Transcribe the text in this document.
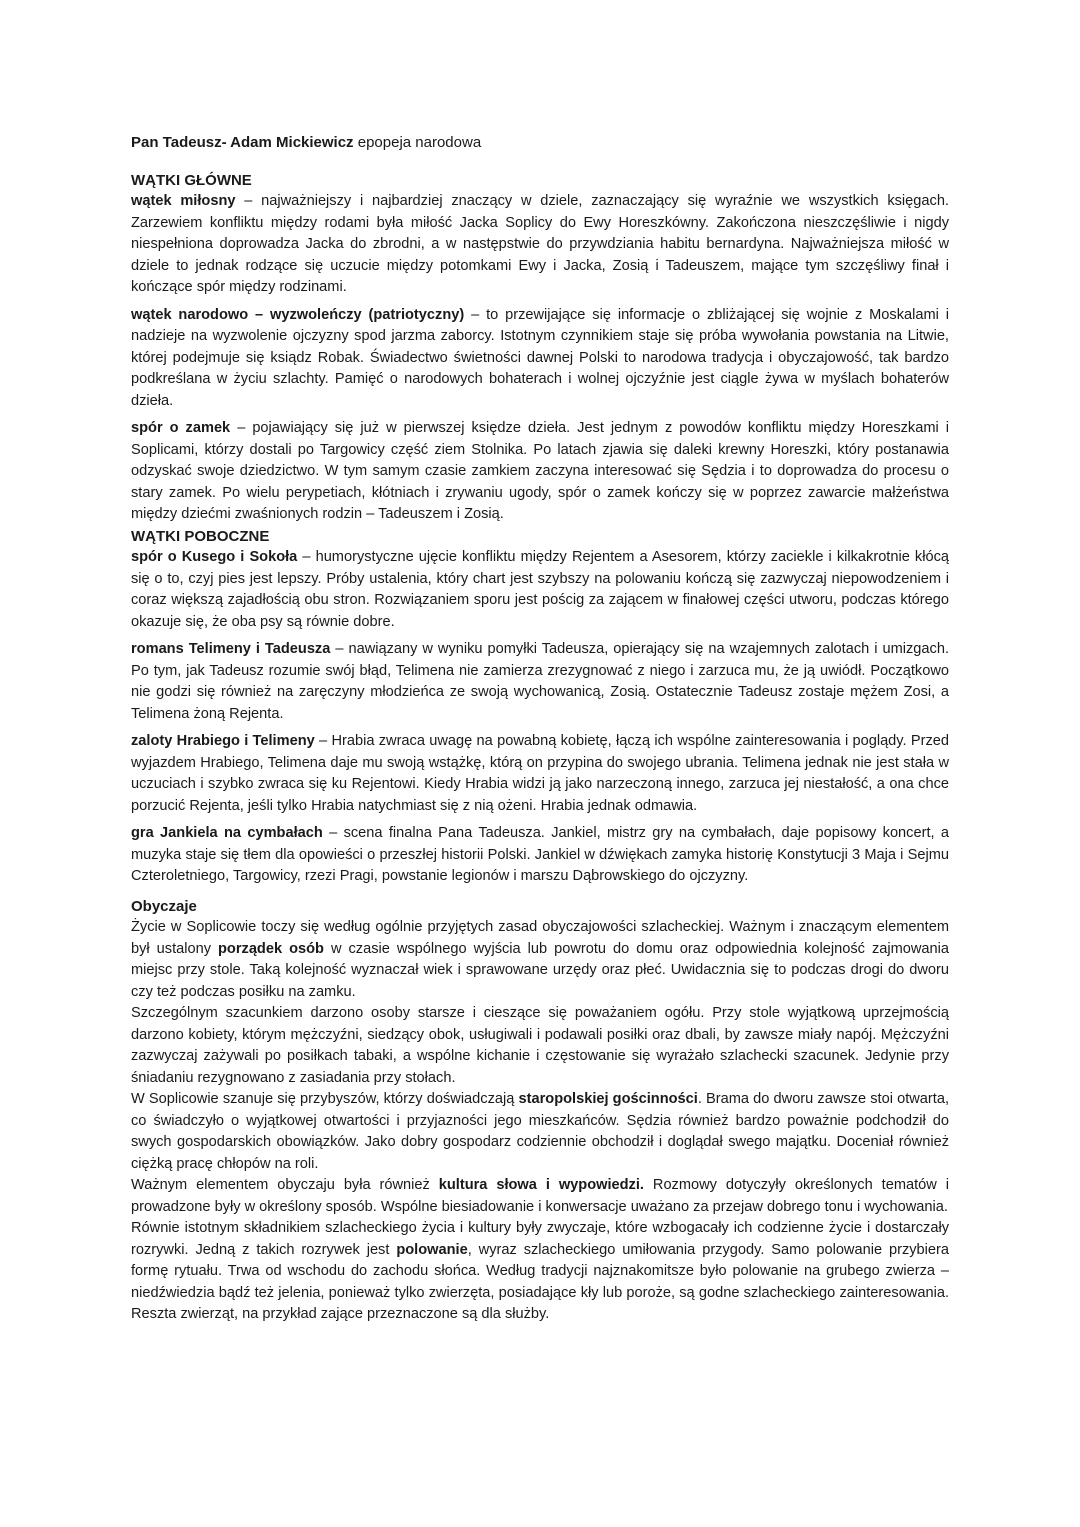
Pan Tadeusz- Adam Mickiewicz epopeja narodowa
WĄTKI GŁÓWNE

wątek miłosny – najważniejszy i najbardziej znaczący w dziele, zaznaczający się wyraźnie we wszystkich księgach. Zarzewiem konfliktu między rodami była miłość Jacka Soplicy do Ewy Horeszkówny. Zakończona nieszczęśliwie i nigdy niespełniona doprowadza Jacka do zbrodni, a w następstwie do przywdziania habitu bernardyna. Najważniejsza miłość w dziele to jednak rodzące się uczucie między potomkami Ewy i Jacka, Zosią i Tadeuszem, mające tym szczęśliwy finał i kończące spór między rodzinami.

wątek narodowo – wyzwoleńczy (patriotyczny) – to przewijające się informacje o zbliżającej się wojnie z Moskalami i nadzieje na wyzwolenie ojczyzny spod jarzma zaborcy. Istotnym czynnikiem staje się próba wywołania powstania na Litwie, której podejmuje się ksiądz Robak. Świadectwo świetności dawnej Polski to narodowa tradycja i obyczajowość, tak bardzo podkreślana w życiu szlachty. Pamięć o narodowych bohaterach i wolnej ojczyźnie jest ciągle żywa w myślach bohaterów dzieła.

spór o zamek – pojawiający się już w pierwszej księdze dzieła. Jest jednym z powodów konfliktu między Horeszkami i Soplicami, którzy dostali po Targowicy część ziem Stolnika. Po latach zjawia się daleki krewny Horeszki, który postanawia odzyskać swoje dziedzictwo. W tym samym czasie zamkiem zaczyna interesować się Sędzia i to doprowadza do procesu o stary zamek. Po wielu perypetiach, kłótniach i zrywaniu ugody, spór o zamek kończy się w poprzez zawarcie małżeństwa między dziećmi zwaśnionych rodzin – Tadeuszem i Zosią.

WĄTKI POBOCZNE

spór o Kusego i Sokoła – humorystyczne ujęcie konfliktu między Rejentem a Asesorem, którzy zaciekle i kilkakrotnie kłócą się o to, czyj pies jest lepszy. Próby ustalenia, który chart jest szybszy na polowaniu kończą się zazwyczaj niepowodzeniem i coraz większą zajadłością obu stron. Rozwiązaniem sporu jest pościg za zającem w finałowej części utworu, podczas którego okazuje się, że oba psy są równie dobre.

romans Telimeny i Tadeusza – nawiązany w wyniku pomyłki Tadeusza, opierający się na wzajemnych zalotach i umizgach. Po tym, jak Tadeusz rozumie swój błąd, Telimena nie zamierza zrezygnować z niego i zarzuca mu, że ją uwiódł. Początkowo nie godzi się również na zaręczyny młodzieńca ze swoją wychowanicą, Zosią. Ostatecznie Tadeusz zostaje mężem Zosi, a Telimena żoną Rejenta.

zaloty Hrabiego i Telimeny – Hrabia zwraca uwagę na powabną kobietę, łączą ich wspólne zainteresowania i poglądy. Przed wyjazdem Hrabiego, Telimena daje mu swoją wstążkę, którą on przypina do swojego ubrania. Telimena jednak nie jest stała w uczuciach i szybko zwraca się ku Rejentowi. Kiedy Hrabia widzi ją jako narzeczoną innego, zarzuca jej niestałość, a ona chce porzucić Rejenta, jeśli tylko Hrabia natychmiast się z nią ożeni. Hrabia jednak odmawia.

gra Jankiela na cymbałach – scena finalna Pana Tadeusza. Jankiel, mistrz gry na cymbałach, daje popisowy koncert, a muzyka staje się tłem dla opowieści o przeszłej historii Polski. Jankiel w dźwiękach zamyka historię Konstytucji 3 Maja i Sejmu Czteroletniego, Targowicy, rzezi Pragi, powstanie legionów i marszu Dąbrowskiego do ojczyzny.

Obyczaje

Życie w Soplicowie toczy się według ogólnie przyjętych zasad obyczajowości szlacheckiej. Ważnym i znaczącym elementem był ustalony porządek osób w czasie wspólnego wyjścia lub powrotu do domu oraz odpowiednia kolejność zajmowania miejsc przy stole. Taką kolejność wyznaczał wiek i sprawowane urzędy oraz płeć. Uwidacznia się to podczas drogi do dworu czy też podczas posiłku na zamku.

Szczególnym szacunkiem darzono osoby starsze i cieszące się poważaniem ogółu. Przy stole wyjątkową uprzejmością darzono kobiety, którym mężczyźni, siedzący obok, usługiwali i podawali posiłki oraz dbali, by zawsze miały napój. Mężczyźni zazwyczaj zażywali po posiłkach tabaki, a wspólne kichanie i częstowanie się wyrażało szlachecki szacunek. Jedynie przy śniadaniu rezygnowano z zasiadania przy stołach.

W Soplicowie szanuje się przybyszów, którzy doświadczają staropolskiej gościnności. Brama do dworu zawsze stoi otwarta, co świadczyło o wyjątkowej otwartości i przyjazności jego mieszkańców. Sędzia również bardzo poważnie podchodził do swych gospodarskich obowiązków. Jako dobry gospodarz codziennie obchodził i doglądał swego majątku. Doceniał również ciężką pracę chłopów na roli.

Ważnym elementem obyczaju była również kultura słowa i wypowiedzi. Rozmowy dotyczyły określonych tematów i prowadzone były w określony sposób. Wspólne biesiadowanie i konwersacje uważano za przejaw dobrego tonu i wychowania.

Równie istotnym składnikiem szlacheckiego życia i kultury były zwyczaje, które wzbogacały ich codzienne życie i dostarczały rozrywki. Jedną z takich rozrywek jest polowanie, wyraz szlacheckiego umiłowania przygody. Samo polowanie przybiera formę rytuału. Trwa od wschodu do zachodu słońca. Według tradycji najznakomitsze było polowanie na grubego zwierza – niedźwiedzia bądź też jelenia, ponieważ tylko zwierzęta, posiadające kły lub poroże, są godne szlacheckiego zainteresowania. Reszta zwierząt, na przykład zające przeznaczone są dla służby.
